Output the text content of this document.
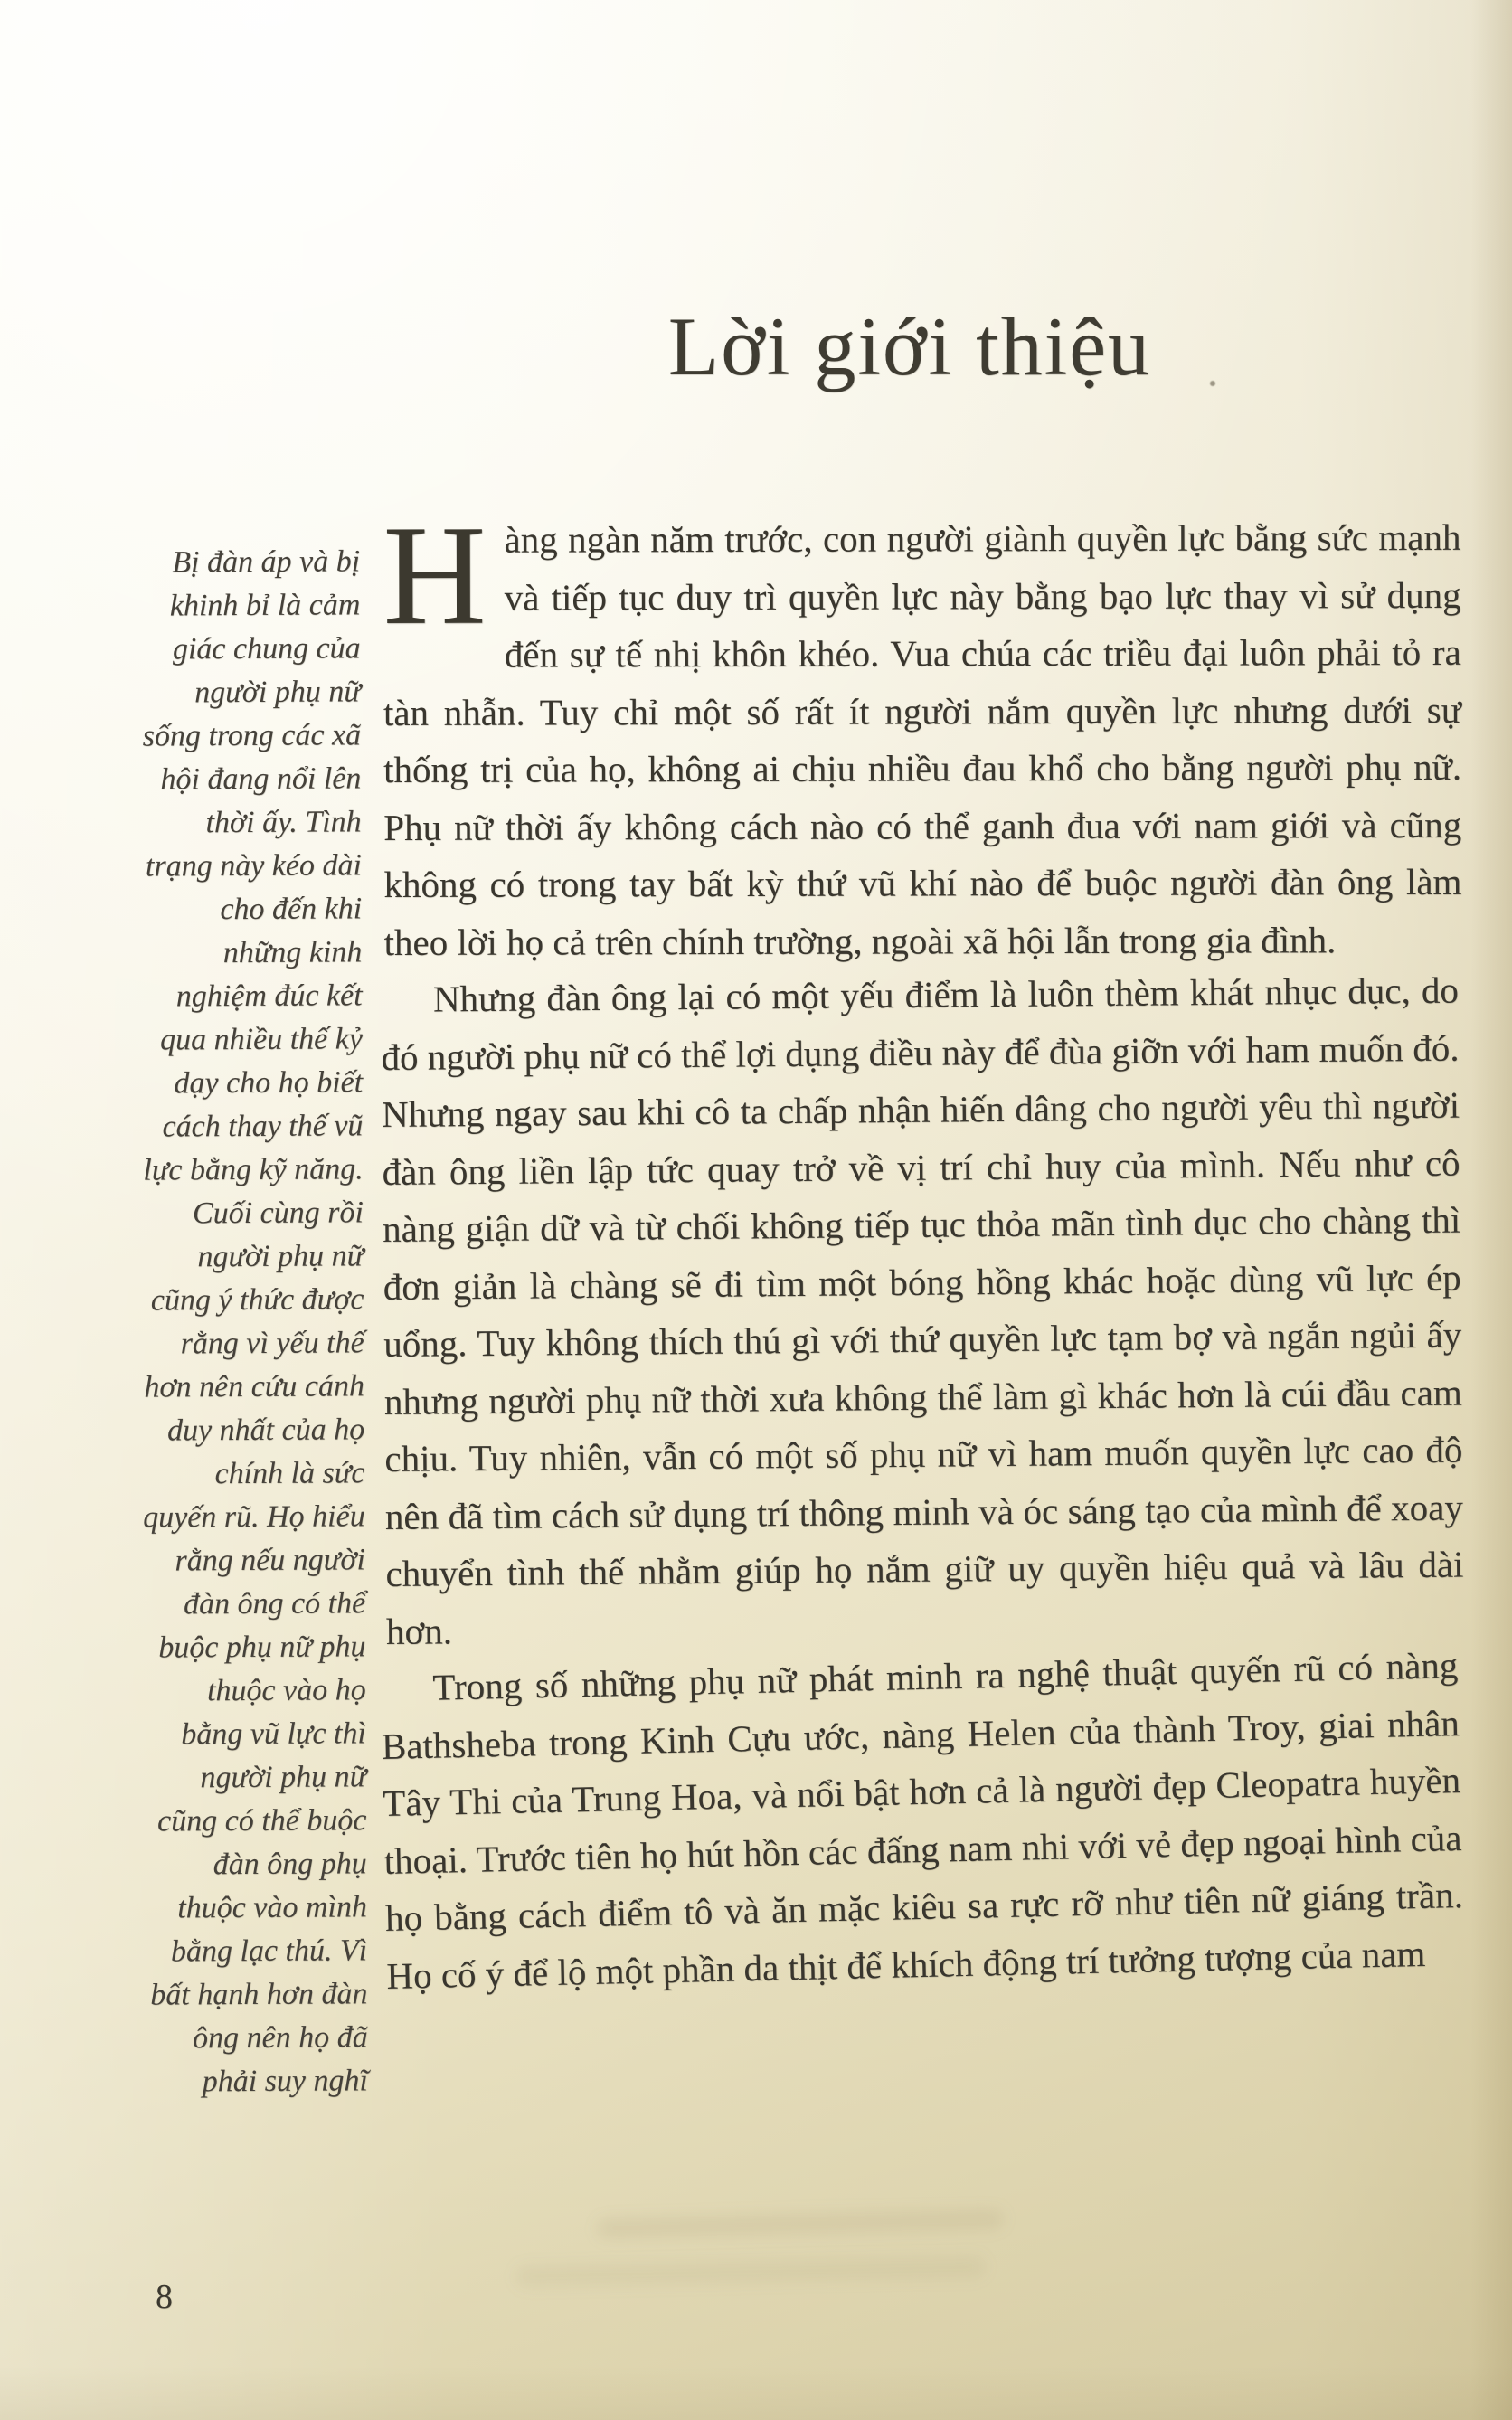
Lời giới thiệu
Bị đàn áp và bị khinh bỉ là cảm giác chung của người phụ nữ sống trong các xã hội đang nổi lên thời ấy. Tình trạng này kéo dài cho đến khi những kinh nghiệm đúc kết qua nhiều thế kỷ dạy cho họ biết cách thay thế vũ lực bằng kỹ năng. Cuối cùng rồi người phụ nữ cũng ý thức được rằng vì yếu thế hơn nên cứu cánh duy nhất của họ chính là sức quyến rũ. Họ hiểu rằng nếu người đàn ông có thể buộc phụ nữ phụ thuộc vào họ bằng vũ lực thì người phụ nữ cũng có thể buộc đàn ông phụ thuộc vào mình bằng lạc thú. Vì bất hạnh hơn đàn ông nên họ đã phải suy nghĩ

Hàng ngàn năm trước, con người giành quyền lực bằng sức mạnh và tiếp tục duy trì quyền lực này bằng bạo lực thay vì sử dụng đến sự tế nhị khôn khéo. Vua chúa các triều đại luôn phải tỏ ra tàn nhẫn. Tuy chỉ một số rất ít người nắm quyền lực nhưng dưới sự thống trị của họ, không ai chịu nhiều đau khổ cho bằng người phụ nữ. Phụ nữ thời ấy không cách nào có thể ganh đua với nam giới và cũng không có trong tay bất kỳ thứ vũ khí nào để buộc người đàn ông làm theo lời họ cả trên chính trường, ngoài xã hội lẫn trong gia đình.

Nhưng đàn ông lại có một yếu điểm là luôn thèm khát nhục dục, do đó người phụ nữ có thể lợi dụng điều này để đùa giỡn với ham muốn đó. Nhưng ngay sau khi cô ta chấp nhận hiến dâng cho người yêu thì người đàn ông liền lập tức quay trở về vị trí chỉ huy của mình. Nếu như cô nàng giận dữ và từ chối không tiếp tục thỏa mãn tình dục cho chàng thì đơn giản là chàng sẽ đi tìm một bóng hồng khác hoặc dùng vũ lực ép uổng. Tuy không thích thú gì với thứ quyền lực tạm bợ và ngắn ngủi ấy nhưng người phụ nữ thời xưa không thể làm gì khác hơn là cúi đầu cam chịu. Tuy nhiên, vẫn có một số phụ nữ vì ham muốn quyền lực cao độ nên đã tìm cách sử dụng trí thông minh và óc sáng tạo của mình để xoay chuyển tình thế nhằm giúp họ nắm giữ uy quyền hiệu quả và lâu dài hơn.

Trong số những phụ nữ phát minh ra nghệ thuật quyến rũ có nàng Bathsheba trong Kinh Cựu ước, nàng Helen của thành Troy, giai nhân Tây Thi của Trung Hoa, và nổi bật hơn cả là người đẹp Cleopatra huyền thoại. Trước tiên họ hút hồn các đấng nam nhi với vẻ đẹp ngoại hình của họ bằng cách điểm tô và ăn mặc kiêu sa rực rỡ như tiên nữ giáng trần. Họ cố ý để lộ một phần da thịt để khích động trí tưởng tượng của nam

8
